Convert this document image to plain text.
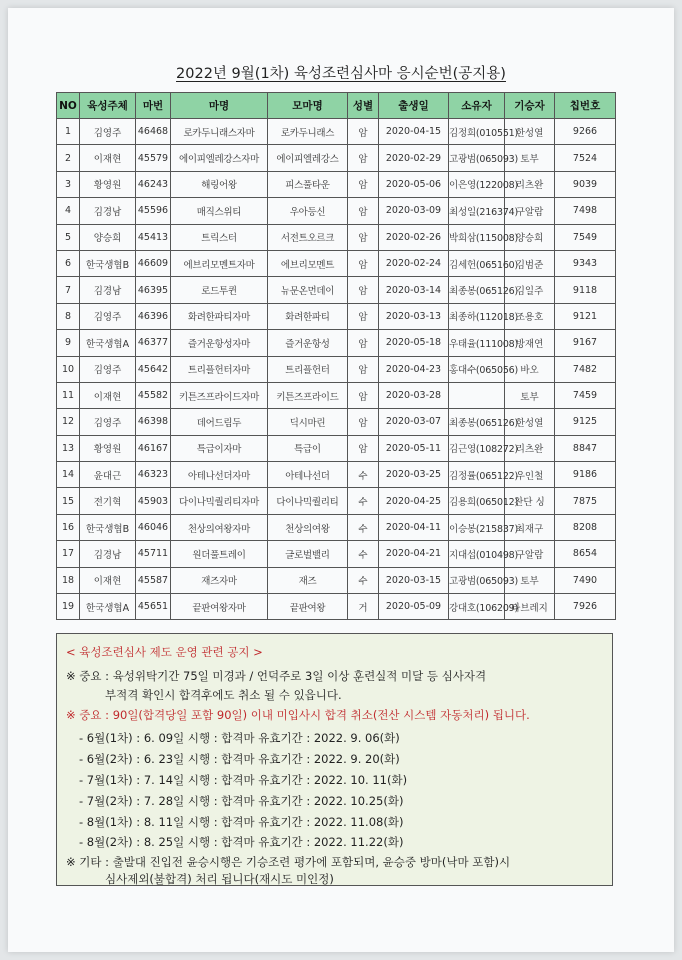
2022년 9월(1차) 육성조련심사마 응시순번(공지용)
NO	육성주체	마번	마명	모마명	성별	출생일	소유자	기승자	칩번호
1	김영주	46468	로카두니래스자마	로카두니래스	암	2020-04-15	김정희(010551)	한성열	9266
2	이재현	45579	에이피엘레강스자마	에이피엘레강스	암	2020-02-29	고광범(065093)	토부	7524
3	황영원	46243	해링어왕	피스풀타운	암	2020-05-06	이은영(122008)	리츠완	9039
4	김경남	45596	매직스위티	우아등신	암	2020-03-09	최성일(216374)	구알람	7498
5	양승희	45413	트릭스터	서전트오르크	암	2020-02-26	박희삼(115008)	양승희	7549
6	한국생협B	46609	에브리모멘트자마	에브리모멘트	암	2020-02-24	김세헌(065160)	김범준	9343
7	김경남	46395	로드투퀸	뉴문온먼데이	암	2020-03-14	최종봉(065126)	김일주	9118
8	김영주	46396	화려한파티자마	화려한파티	암	2020-03-13	최종하(112018)	조용호	9121
9	한국생협A	46377	즐거운항성자마	즐거운항성	암	2020-05-18	우태율(111008)	방재연	9167
10	김영주	45642	트리플헌터자마	트리플헌터	암	2020-04-23	홍대수(065056)	바오	7482
11	이재현	45582	키튼즈프라이드자마	키튼즈프라이드	암	2020-03-28		토부	7459
12	김영주	46398	데어드림두	딕시마린	암	2020-03-07	최종봉(065126)	한성열	9125
13	황영원	46167	특급이자마	특급이	암	2020-05-11	김근영(108272)	리츠완	8847
14	윤대근	46323	아테나선더자마	아테나선더	수	2020-03-25	김정률(065122)	우인철	9186
15	전기혁	45903	다이나믹퀄리티자마	다이나믹퀄리티	수	2020-04-25	김용희(065012)	찬단 싱	7875
16	한국생협B	46046	천상의여왕자마	천상의여왕	수	2020-04-11	이승봉(215837)	최재구	8208
17	김경남	45711	원더풀트레이	글로벌밸리	수	2020-04-21	지대섭(010498)	구알람	8654
18	이재현	45587	재즈자마	재즈	수	2020-03-15	고광범(065093)	토부	7490
19	한국생협A	45651	끝판여왕자마	끝판여왕	거	2020-05-09	강대호(106209)	타브레지	7926
< 육성조련심사 제도 운영 관련 공지 >
※ 중요 : 육성위탁기간 75일 미경과 / 언덕주로 3일 이상 훈련실적 미달 등 심사자격
부적격 확인시 합격후에도 취소 될 수 있읍니다.
※ 중요 : 90일(합격당일 포함 90일) 이내 미입사시 합격 취소(전산 시스템 자동처리) 됩니다.
- 6월(1차) : 6. 09일 시행 : 합격마 유효기간 : 2022. 9. 06(화)
- 6월(2차) : 6. 23일 시행 : 합격마 유효기간 : 2022. 9. 20(화)
- 7월(1차) : 7. 14일 시행 : 합격마 유효기간 : 2022. 10. 11(화)
- 7월(2차) : 7. 28일 시행 : 합격마 유효기간 : 2022. 10.25(화)
- 8월(1차) : 8. 11일 시행 : 합격마 유효기간 : 2022. 11.08(화)
- 8월(2차) : 8. 25일 시행 : 합격마 유효기간 : 2022. 11.22(화)
※ 기타 : 출발대 진입전 윤승시행은 기승조련 평가에 포함되며, 윤승중 방마(낙마 포함)시
심사제외(불합격) 처리 됩니다(재시도 미인정)
